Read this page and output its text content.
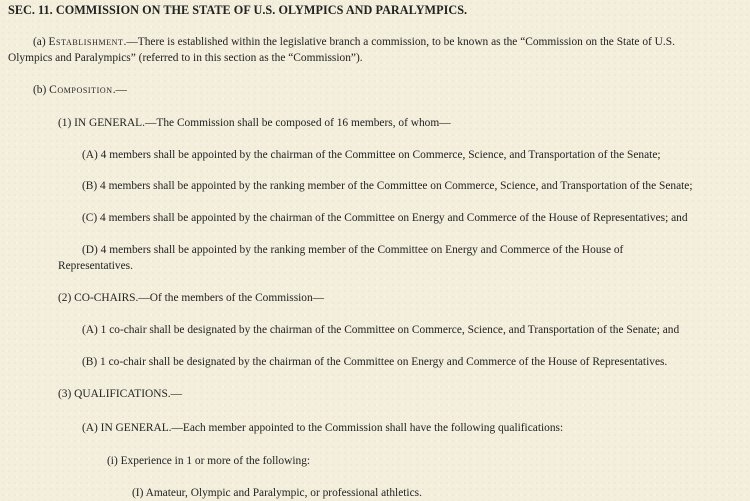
SEC. 11. COMMISSION ON THE STATE OF U.S. OLYMPICS AND PARALYMPICS.
(a) Establishment.—There is established within the legislative branch a commission, to be known as the “Commission on the State of U.S.
Olympics and Paralympics” (referred to in this section as the “Commission”).
(b) Composition.—
(1) IN GENERAL.—The Commission shall be composed of 16 members, of whom—
(A) 4 members shall be appointed by the chairman of the Committee on Commerce, Science, and Transportation of the Senate;
(B) 4 members shall be appointed by the ranking member of the Committee on Commerce, Science, and Transportation of the Senate;
(C) 4 members shall be appointed by the chairman of the Committee on Energy and Commerce of the House of Representatives; and
(D) 4 members shall be appointed by the ranking member of the Committee on Energy and Commerce of the House of
Representatives.
(2) CO-CHAIRS.—Of the members of the Commission—
(A) 1 co-chair shall be designated by the chairman of the Committee on Commerce, Science, and Transportation of the Senate; and
(B) 1 co-chair shall be designated by the chairman of the Committee on Energy and Commerce of the House of Representatives.
(3) QUALIFICATIONS.—
(A) IN GENERAL.—Each member appointed to the Commission shall have the following qualifications:
(i) Experience in 1 or more of the following:
(I) Amateur, Olympic and Paralympic, or professional athletics.
